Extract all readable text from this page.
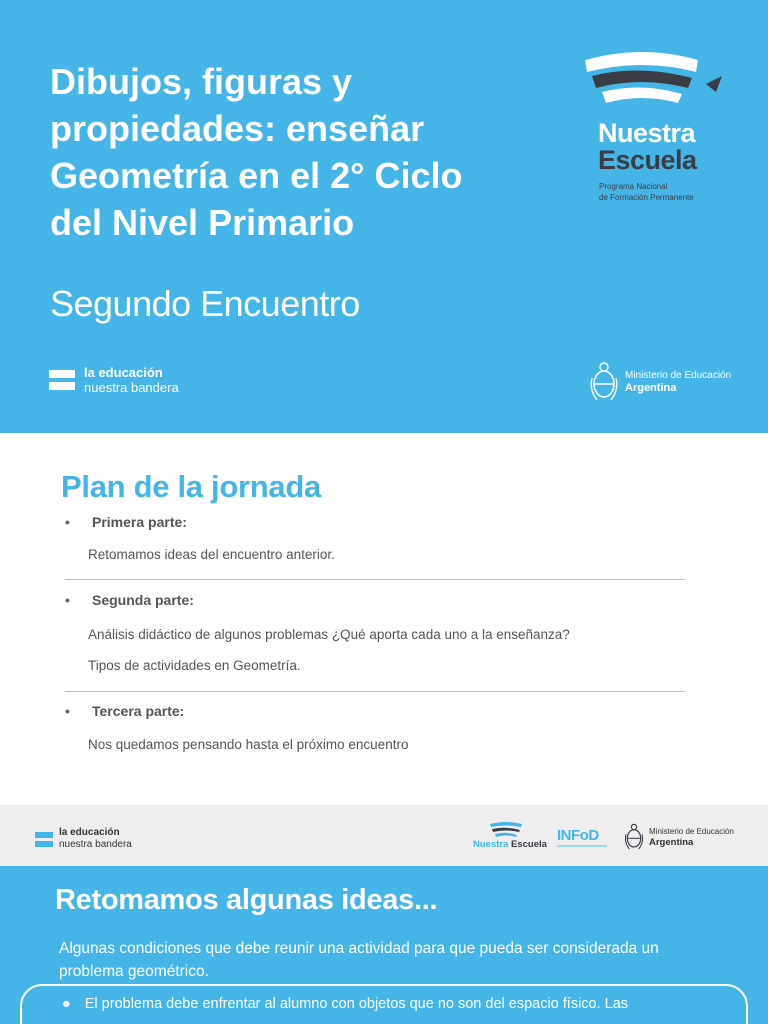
Dibujos, figuras y
propiedades: enseñar
Geometría en el 2° Ciclo
del Nivel Primario
Segundo Encuentro
Nuestra
Escuela
Programa Nacional
de Formación Permanente
la educación
nuestra bandera
Ministerio de Educación
Argentina
Plan de la jornada
•	Primera parte:
Retomamos ideas del encuentro anterior.
•	Segunda parte:
Análisis didáctico de algunos problemas ¿Qué aporta cada uno a la enseñanza?
Tipos de actividades en Geometría.
•	Tercera parte:
Nos quedamos pensando hasta el próximo encuentro
la educación
nuestra bandera	Nuestra Escuela
INFoD	Ministerio de Educación
Argentina
Retomamos algunas ideas...

Algunas condiciones que debe reunir una actividad para que pueda ser considerada un problema geométrico.

● El problema debe enfrentar al alumno con objetos que no son del espacio físico. Las
